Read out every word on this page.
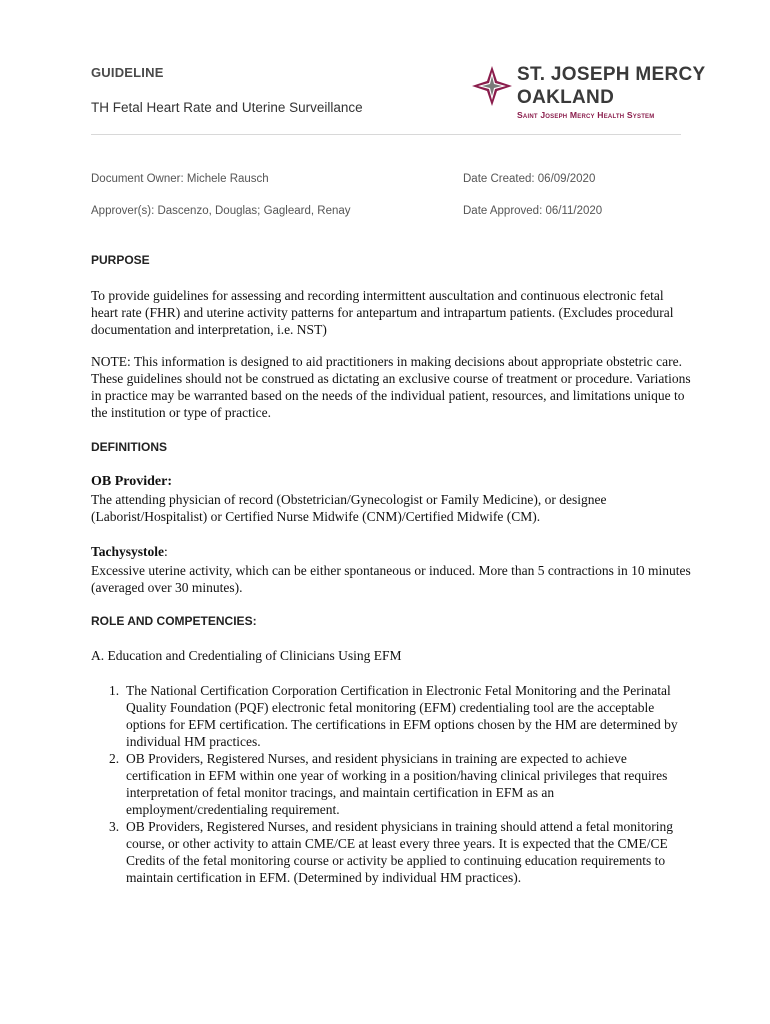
GUIDELINE
TH Fetal Heart Rate and Uterine Surveillance
ST. JOSEPH MERCY
OAKLAND
Saint Joseph Mercy Health System
Document Owner: Michele Rausch	Date Created: 06/09/2020
Approver(s): Dascenzo, Douglas; Gagleard, Renay	Date Approved: 06/11/2020
PURPOSE
To provide guidelines for assessing and recording intermittent auscultation and continuous electronic fetal heart rate (FHR) and uterine activity patterns for antepartum and intrapartum patients. (Excludes procedural documentation and interpretation, i.e. NST)
NOTE: This information is designed to aid practitioners in making decisions about appropriate obstetric care. These guidelines should not be construed as dictating an exclusive course of treatment or procedure. Variations in practice may be warranted based on the needs of the individual patient, resources, and limitations unique to the institution or type of practice.
DEFINITIONS
OB Provider:
The attending physician of record (Obstetrician/Gynecologist or Family Medicine), or designee (Laborist/Hospitalist) or Certified Nurse Midwife (CNM)/Certified Midwife (CM).
Tachysystole:
Excessive uterine activity, which can be either spontaneous or induced. More than 5 contractions in 10 minutes (averaged over 30 minutes).
ROLE AND COMPETENCIES:
A. Education and Credentialing of Clinicians Using EFM
1. The National Certification Corporation Certification in Electronic Fetal Monitoring and the Perinatal Quality Foundation (PQF) electronic fetal monitoring (EFM) credentialing tool are the acceptable options for EFM certification. The certifications in EFM options chosen by the HM are determined by individual HM practices.
2. OB Providers, Registered Nurses, and resident physicians in training are expected to achieve certification in EFM within one year of working in a position/having clinical privileges that requires interpretation of fetal monitor tracings, and maintain certification in EFM as an employment/credentialing requirement.
3. OB Providers, Registered Nurses, and resident physicians in training should attend a fetal monitoring course, or other activity to attain CME/CE at least every three years. It is expected that the CME/CE Credits of the fetal monitoring course or activity be applied to continuing education requirements to maintain certification in EFM. (Determined by individual HM practices).
